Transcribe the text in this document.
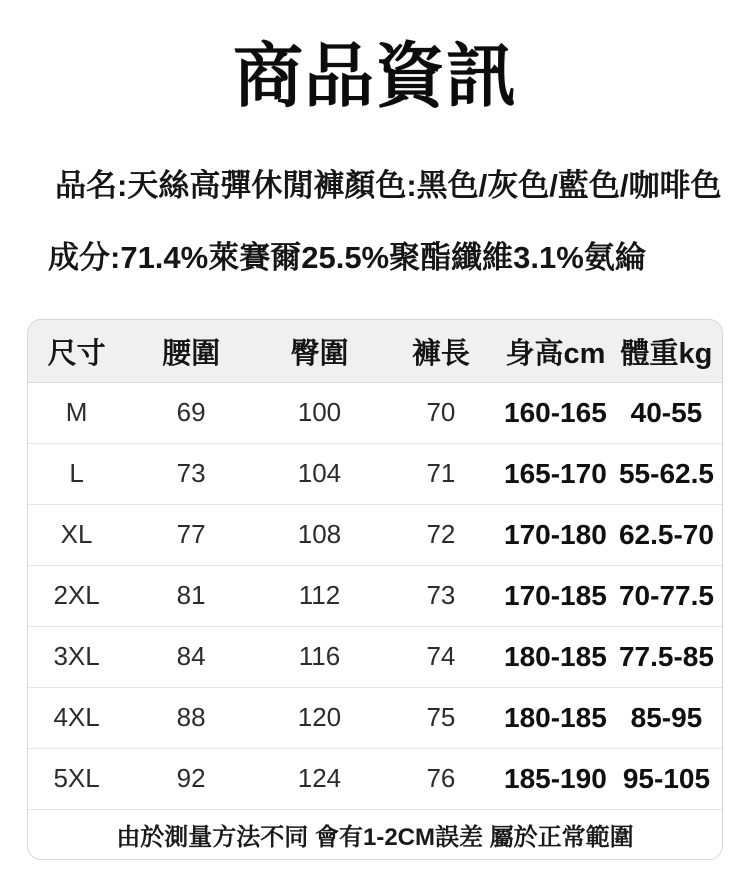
商品資訊
品名:天絲高彈休閒褲 顏色:黑色/灰色/藍色/咖啡色
成分:71.4%萊賽爾25.5%聚酯纖維3.1%氨綸
尺寸	腰圍	臀圍	褲長	身高cm	體重kg
M	69	100	70	160-165	40-55
L	73	104	71	165-170	55-62.5
XL	77	108	72	170-180	62.5-70
2XL	81	112	73	170-185	70-77.5
3XL	84	116	74	180-185	77.5-85
4XL	88	120	75	180-185	85-95
5XL	92	124	76	185-190	95-105
由於測量方法不同 會有1-2CM誤差 屬於正常範圍					
